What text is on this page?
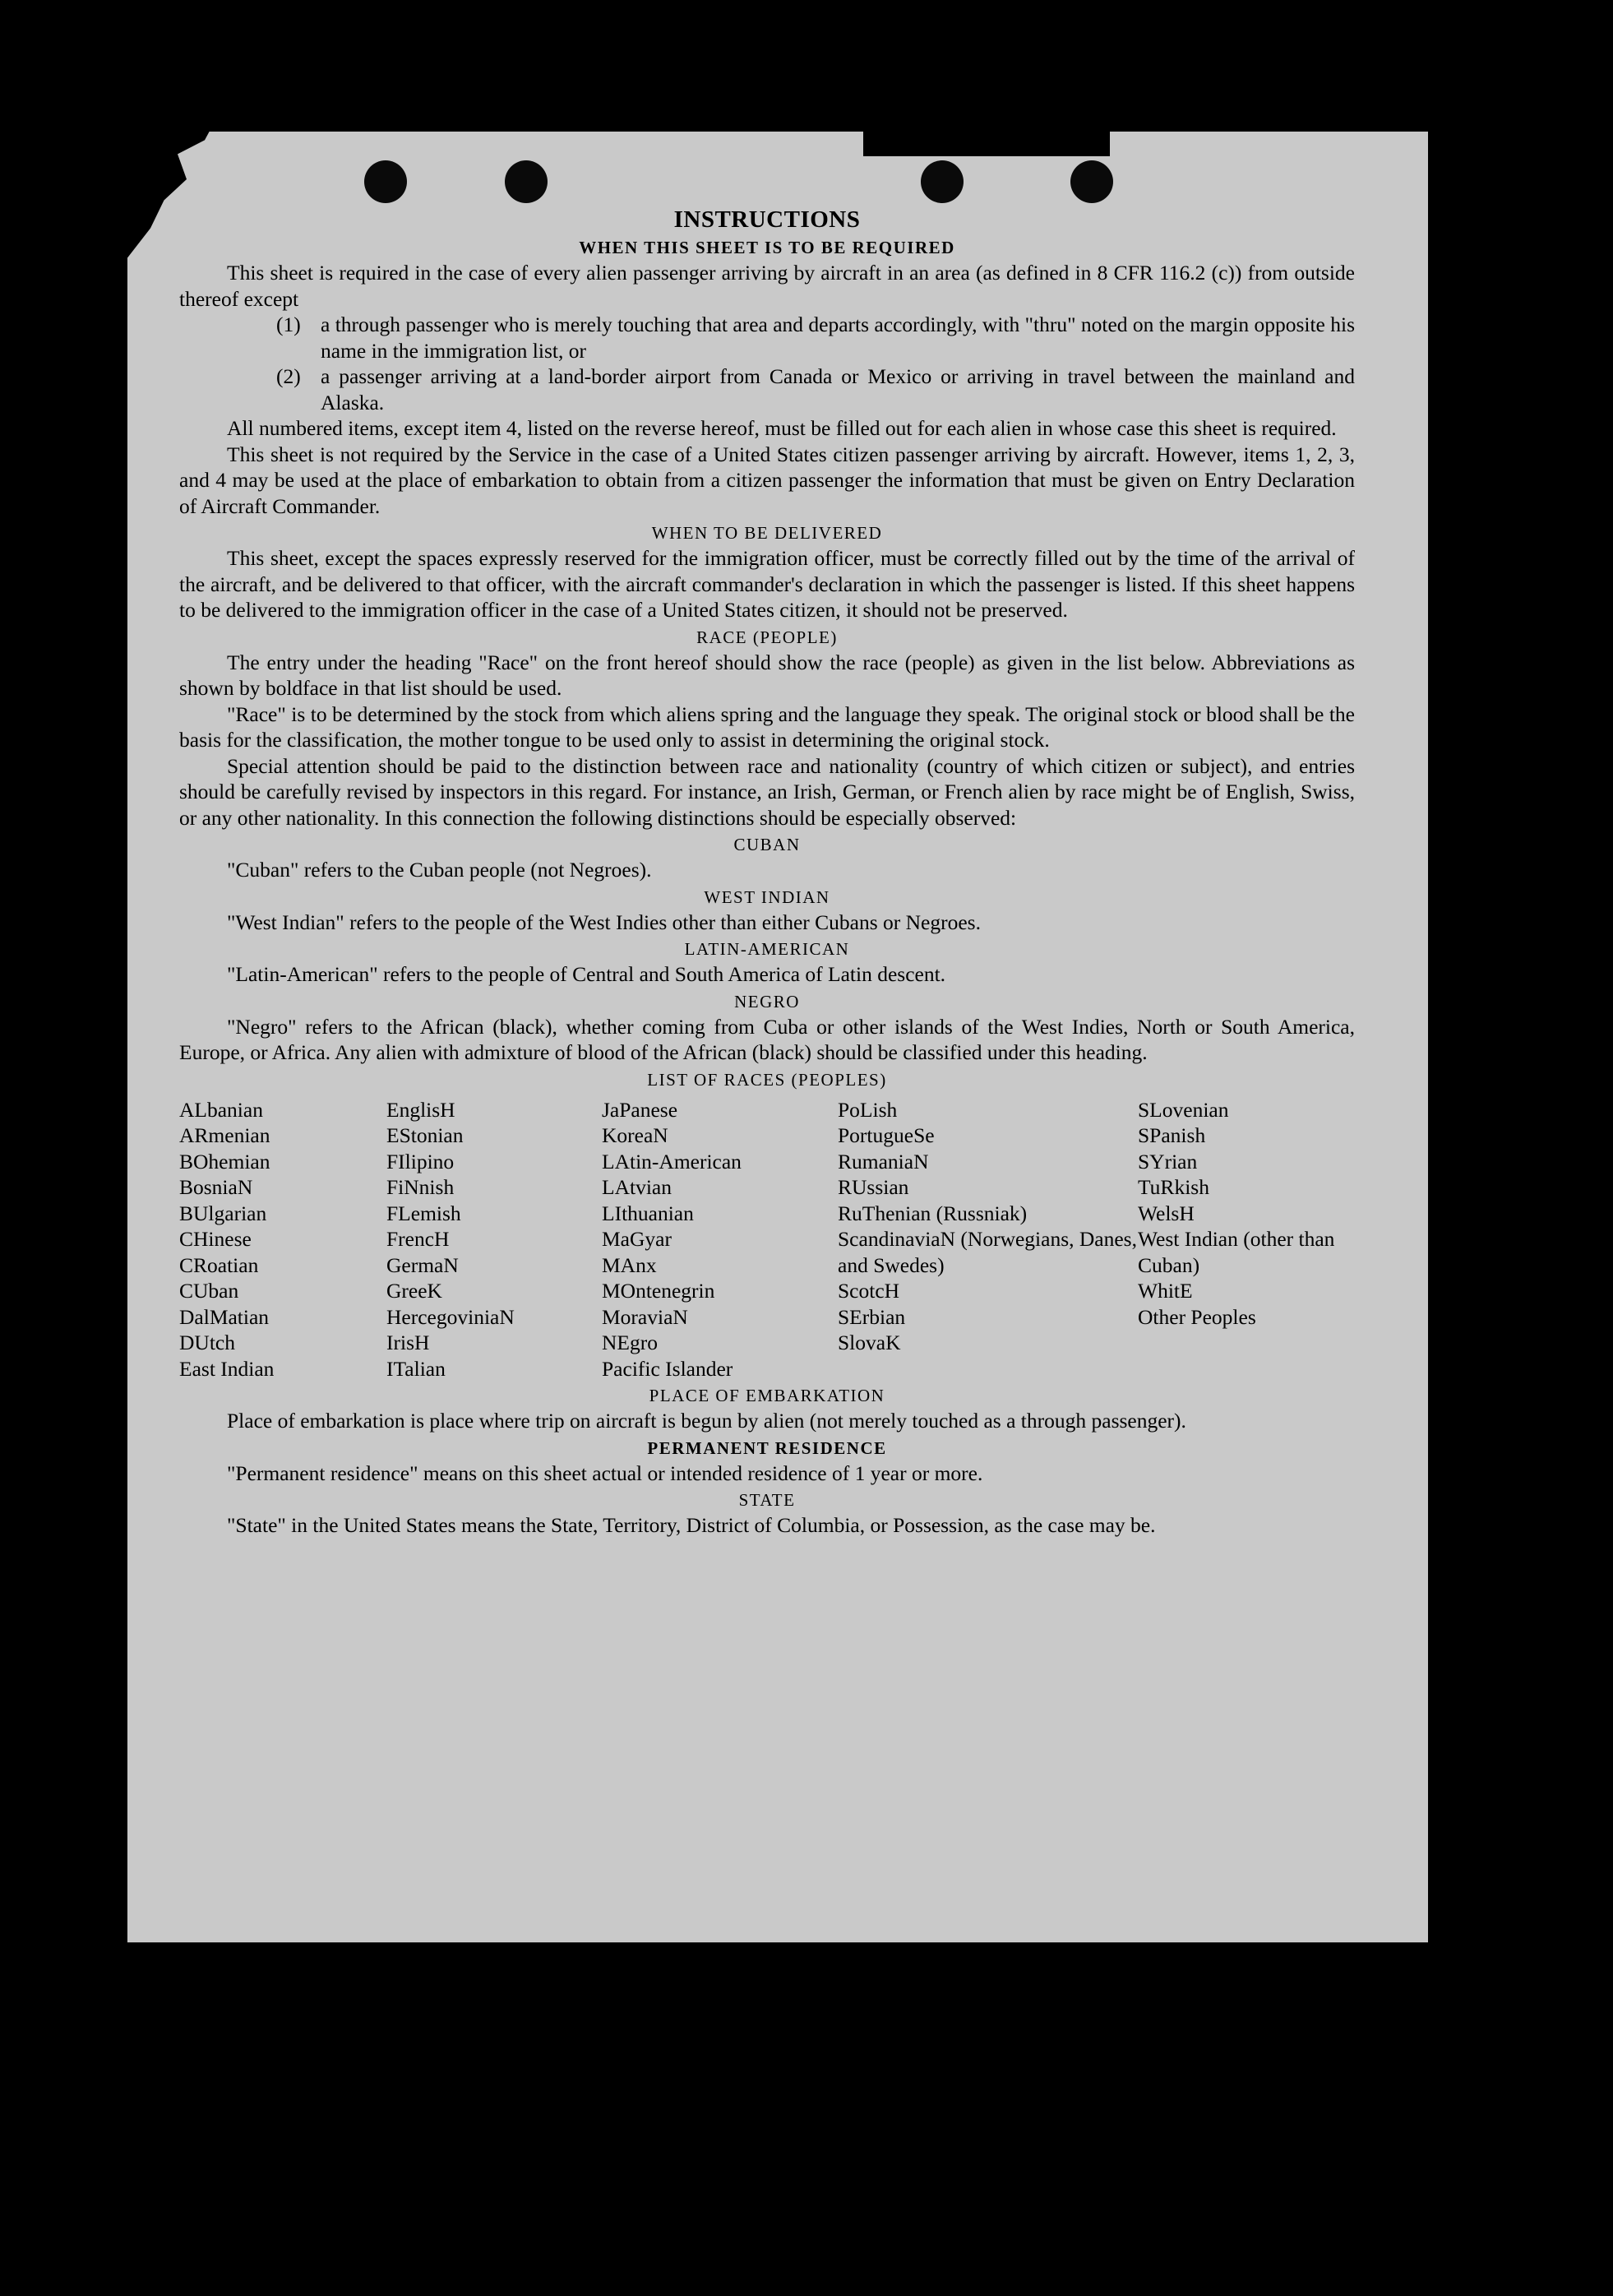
INSTRUCTIONS
WHEN THIS SHEET IS TO BE REQUIRED

This sheet is required in the case of every alien passenger arriving by aircraft in an area (as defined in 8 CFR 116.2 (c)) from outside thereof except

(1) a through passenger who is merely touching that area and departs accordingly, with "thru" noted on the margin opposite his name in the immigration list, or
(2) a passenger arriving at a land-border airport from Canada or Mexico or arriving in travel between the mainland and Alaska.

All numbered items, except item 4, listed on the reverse hereof, must be filled out for each alien in whose case this sheet is required.

This sheet is not required by the Service in the case of a United States citizen passenger arriving by aircraft. However, items 1, 2, 3, and 4 may be used at the place of embarkation to obtain from a citizen passenger the information that must be given on Entry Declaration of Aircraft Commander.

WHEN TO BE DELIVERED

This sheet, except the spaces expressly reserved for the immigration officer, must be correctly filled out by the time of the arrival of the aircraft, and be delivered to that officer, with the aircraft commander's declaration in which the passenger is listed. If this sheet happens to be delivered to the immigration officer in the case of a United States citizen, it should not be preserved.

RACE (PEOPLE)

The entry under the heading "Race" on the front hereof should show the race (people) as given in the list below. Abbreviations as shown by boldface in that list should be used.

"Race" is to be determined by the stock from which aliens spring and the language they speak. The original stock or blood shall be the basis for the classification, the mother tongue to be used only to assist in determining the original stock.

Special attention should be paid to the distinction between race and nationality (country of which citizen or subject), and entries should be carefully revised by inspectors in this regard. For instance, an Irish, German, or French alien by race might be of English, Swiss, or any other nationality. In this connection the following distinctions should be especially observed:

CUBAN

"Cuban" refers to the Cuban people (not Negroes).

WEST INDIAN

"West Indian" refers to the people of the West Indies other than either Cubans or Negroes.

LATIN-AMERICAN

"Latin-American" refers to the people of Central and South America of Latin descent.

NEGRO

"Negro" refers to the African (black), whether coming from Cuba or other islands of the West Indies, North or South America, Europe, or Africa. Any alien with admixture of blood of the African (black) should be classified under this heading.

LIST OF RACES (PEOPLES)
ALbanian
ARmenian
BOhemian
BosniaN
BUlgarian
CHinese
CRoatian
CUban
DalMatian
DUtch
East Indian
EnglisH
EStonian
FIlipino
FiNnish
FLemish
FrencH
GermaN
GreeK
HercegoviniaN
IrisH
ITalian
JaPanese
KoreaN
LAtin-American
LAtvian
LIthuanian
MaGyar
MAnx
MOntenegrin
MoraviaN
NEgro
Pacific Islander
PoLish
PortugueSe
RumaniaN
RUssian
RuThenian (Russniak)
ScandinaviaN (Norwegians, Danes, and Swedes)
ScotcH
SErbian
SlovaK
SLovenian
SPanish
SYrian
TuRkish
WelsH
West Indian (other than Cuban)
WhitE
Other Peoples
PLACE OF EMBARKATION

Place of embarkation is place where trip on aircraft is begun by alien (not merely touched as a through passenger).

PERMANENT RESIDENCE

"Permanent residence" means on this sheet actual or intended residence of 1 year or more.

STATE

"State" in the United States means the State, Territory, District of Columbia, or Possession, as the case may be.

RP 98	U. S. GOVERNMENT PRINTING OFFICE 16—24915-4
